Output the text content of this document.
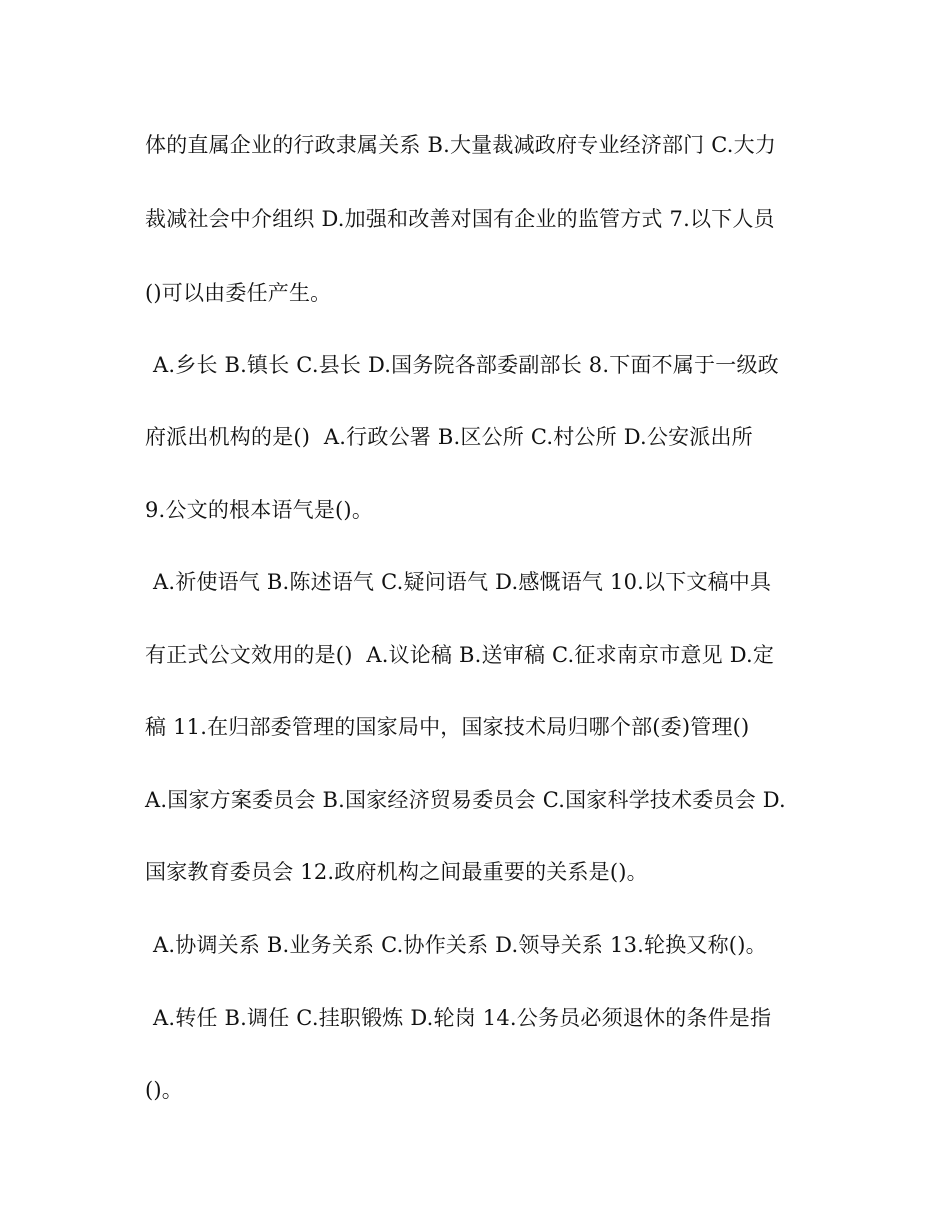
体的直属企业的行政隶属关系 B.大量裁减政府专业经济部门 C.大力
裁减社会中介组织 D.加强和改善对国有企业的监管方式 7.以下人员
()可以由委任产生。
A.乡长 B.镇长 C.县长 D.国务院各部委副部长 8.下面不属于一级政
府派出机构的是()  A.行政公署 B.区公所 C.村公所 D.公安派出所
9.公文的根本语气是()。
A.祈使语气 B.陈述语气 C.疑问语气 D.感慨语气 10.以下文稿中具
有正式公文效用的是()  A.议论稿 B.送审稿 C.征求南京市意见 D.定
稿 11.在归部委管理的国家局中，国家技术局归哪个部(委)管理()
A.国家方案委员会 B.国家经济贸易委员会 C.国家科学技术委员会 D.
国家教育委员会 12.政府机构之间最重要的关系是()。
A.协调关系 B.业务关系 C.协作关系 D.领导关系 13.轮换又称()。
A.转任 B.调任 C.挂职锻炼 D.轮岗 14.公务员必须退休的条件是指
()。
